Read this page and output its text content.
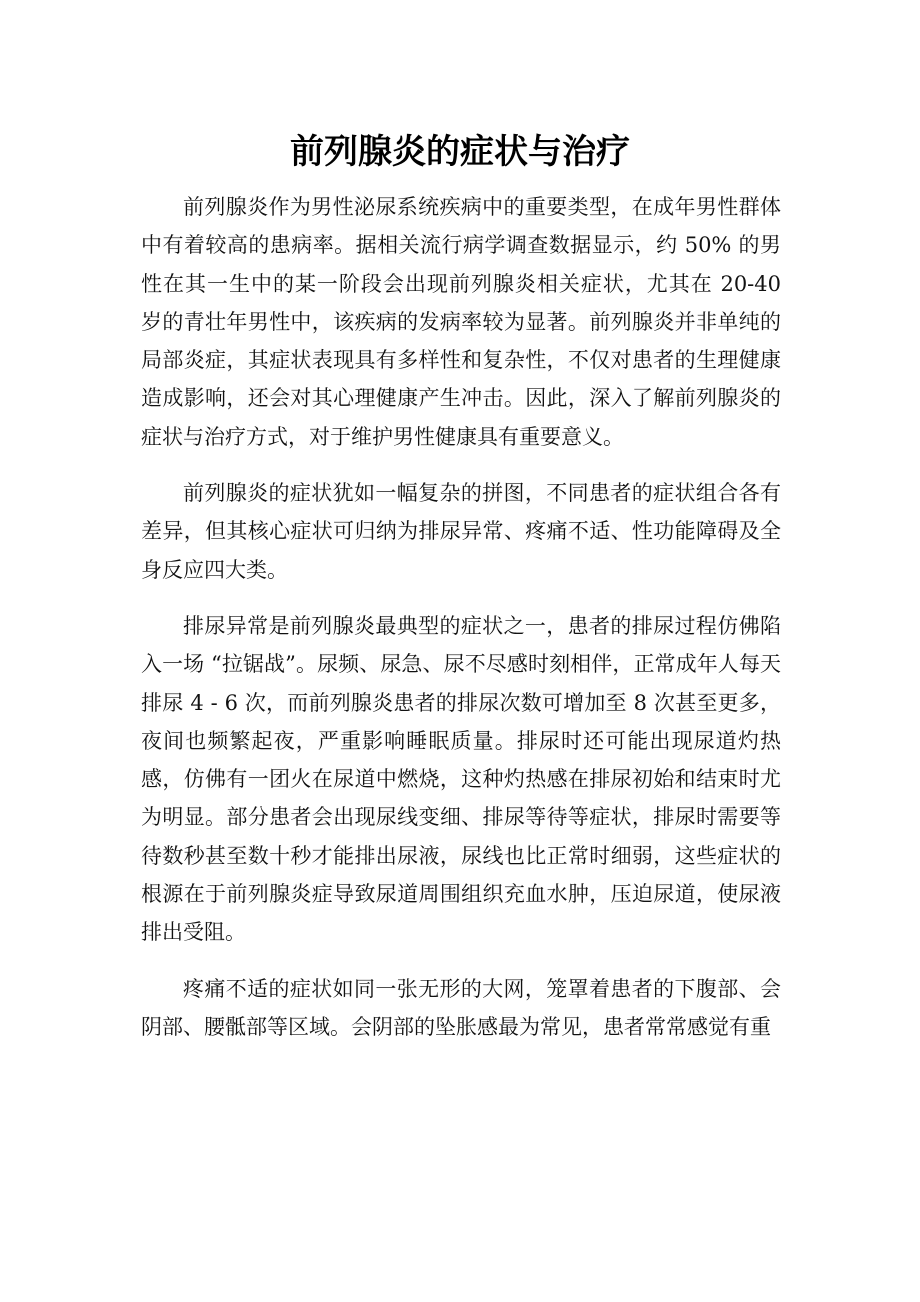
前列腺炎的症状与治疗

前列腺炎作为男性泌尿系统疾病中的重要类型，在成年男性群体中有着较高的患病率。据相关流行病学调查数据显示，约 50% 的男性在其一生中的某一阶段会出现前列腺炎相关症状，尤其在 20-40 岁的青壮年男性中，该疾病的发病率较为显著。前列腺炎并非单纯的局部炎症，其症状表现具有多样性和复杂性，不仅对患者的生理健康造成影响，还会对其心理健康产生冲击。因此，深入了解前列腺炎的症状与治疗方式，对于维护男性健康具有重要意义。

前列腺炎的症状犹如一幅复杂的拼图，不同患者的症状组合各有差异，但其核心症状可归纳为排尿异常、疼痛不适、性功能障碍及全身反应四大类。

排尿异常是前列腺炎最典型的症状之一，患者的排尿过程仿佛陷入一场 “拉锯战”。尿频、尿急、尿不尽感时刻相伴，正常成年人每天排尿 4 - 6 次，而前列腺炎患者的排尿次数可增加至 8 次甚至更多，夜间也频繁起夜，严重影响睡眠质量。排尿时还可能出现尿道灼热感，仿佛有一团火在尿道中燃烧，这种灼热感在排尿初始和结束时尤为明显。部分患者会出现尿线变细、排尿等待等症状，排尿时需要等待数秒甚至数十秒才能排出尿液，尿线也比正常时细弱，这些症状的根源在于前列腺炎症导致尿道周围组织充血水肿，压迫尿道，使尿液排出受阻。

疼痛不适的症状如同一张无形的大网，笼罩着患者的下腹部、会阴部、腰骶部等区域。会阴部的坠胀感最为常见，患者常常感觉有重
